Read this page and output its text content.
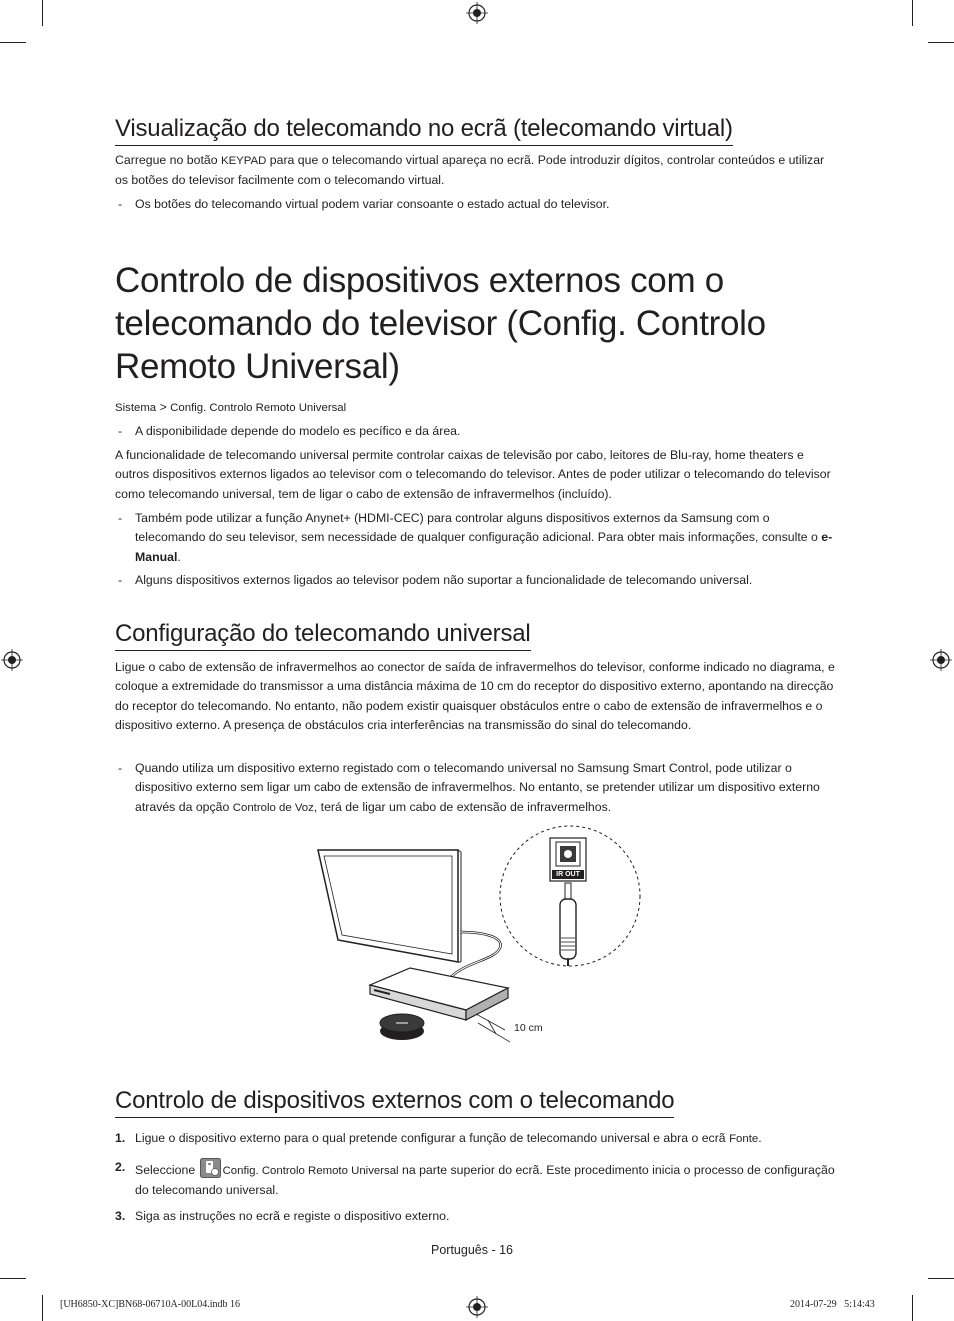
Visualização do telecomando no ecrã (telecomando virtual)
Carregue no botão KEYPAD para que o telecomando virtual apareça no ecrã. Pode introduzir dígitos, controlar conteúdos e utilizar os botões do televisor facilmente com o telecomando virtual.
- Os botões do telecomando virtual podem variar consoante o estado actual do televisor.
Controlo de dispositivos externos com o telecomando do televisor (Config. Controlo Remoto Universal)
Sistema > Config. Controlo Remoto Universal
- A disponibilidade depende do modelo es pecífico e da área.
A funcionalidade de telecomando universal permite controlar caixas de televisão por cabo, leitores de Blu-ray, home theaters e outros dispositivos externos ligados ao televisor com o telecomando do televisor. Antes de poder utilizar o telecomando do televisor como telecomando universal, tem de ligar o cabo de extensão de infravermelhos (incluído).
- Também pode utilizar a função Anynet+ (HDMI-CEC) para controlar alguns dispositivos externos da Samsung com o telecomando do seu televisor, sem necessidade de qualquer configuração adicional. Para obter mais informações, consulte o e-Manual.
- Alguns dispositivos externos ligados ao televisor podem não suportar a funcionalidade de telecomando universal.
Configuração do telecomando universal
Ligue o cabo de extensão de infravermelhos ao conector de saída de infravermelhos do televisor, conforme indicado no diagrama, e coloque a extremidade do transmissor a uma distância máxima de 10 cm do receptor do dispositivo externo, apontando na direcção do receptor do telecomando. No entanto, não podem existir quaisquer obstáculos entre o cabo de extensão de infravermelhos e o dispositivo externo. A presença de obstáculos cria interferências na transmissão do sinal do telecomando.
- Quando utiliza um dispositivo externo registado com o telecomando universal no Samsung Smart Control, pode utilizar o dispositivo externo sem ligar um cabo de extensão de infravermelhos. No entanto, se pretender utilizar um dispositivo externo através da opção Controlo de Voz, terá de ligar um cabo de extensão de infravermelhos.
IR OUT
10 cm
Controlo de dispositivos externos com o telecomando
1. Ligue o dispositivo externo para o qual pretende configurar a função de telecomando universal e abra o ecrã Fonte.
2. Seleccione Config. Controlo Remoto Universal na parte superior do ecrã. Este procedimento inicia o processo de configuração do telecomando universal.
3. Siga as instruções no ecrã e registe o dispositivo externo.
Português - 16
[UH6850-XC]BN68-06710A-00L04.indb 16	2014-07-29   5:14:43
